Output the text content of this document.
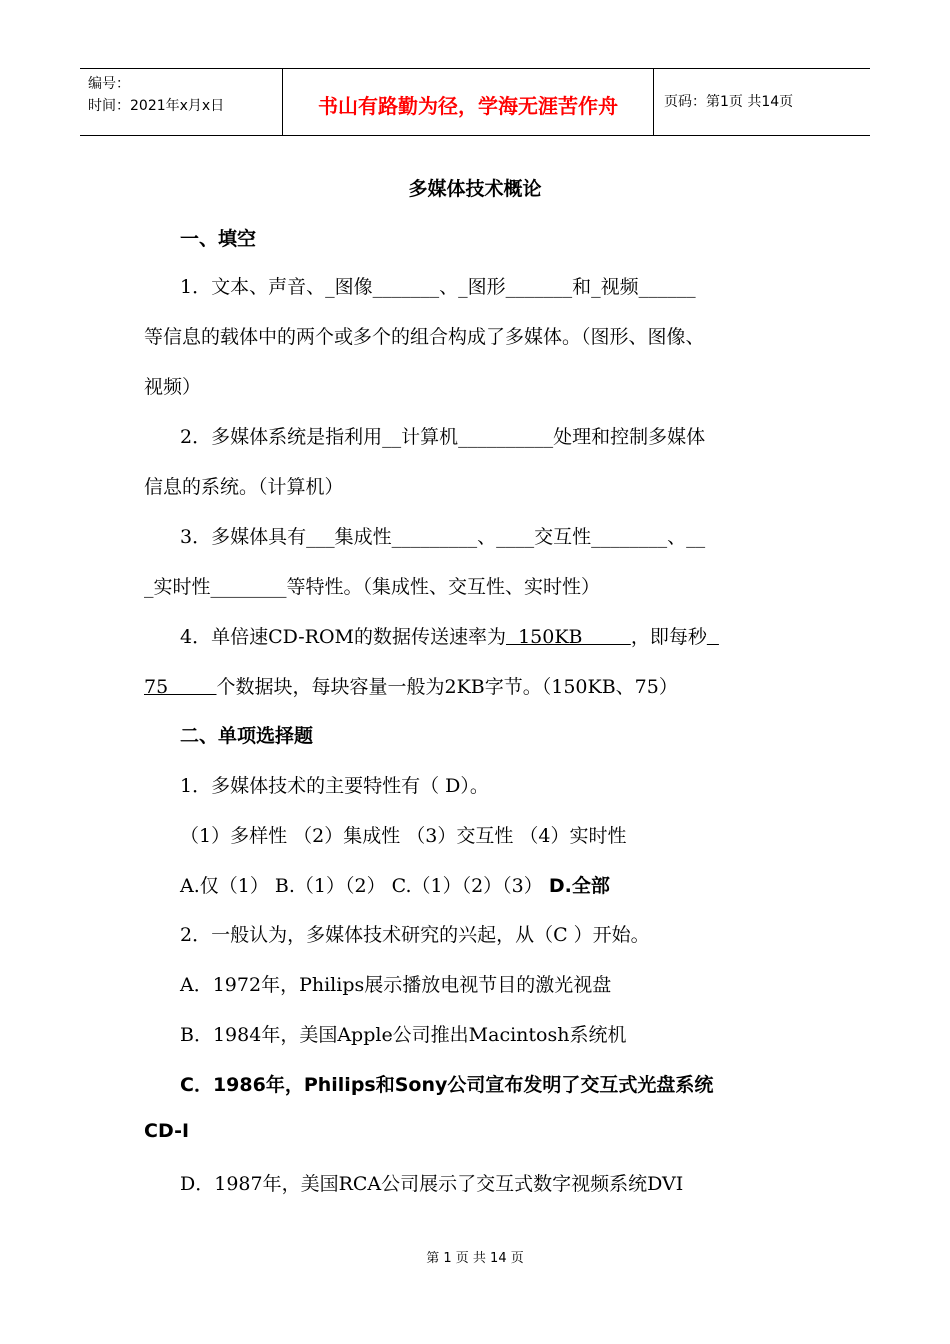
编号：
时间：2021年x月x日	书山有路勤为径，学海无涯苦作舟	页码：第1页 共14页
多媒体技术概论
一、填空
1．文本、声音、_图像_______、_图形_______和_视频______
等信息的载体中的两个或多个的组合构成了多媒体。（图形、图像、
视频）
2．多媒体系统是指利用__计算机__________处理和控制多媒体
信息的系统。（计算机）
3．多媒体具有___集成性_________、____交互性________、__
_实时性________等特性。（集成性、交互性、实时性）
4．单倍速CD-ROM的数据传送速率为  150KB        ，即每秒
75        个数据块，每块容量一般为2KB字节。（150KB、75）
二、单项选择题
1．多媒体技术的主要特性有（ D）。
（1）多样性 （2）集成性 （3）交互性 （4）实时性
A.仅（1） B.（1）（2） C.（1）（2）（3） D.全部
2．一般认为，多媒体技术研究的兴起，从（C ）开始。
A．1972年，Philips展示播放电视节目的激光视盘
B．1984年，美国Apple公司推出Macintosh系统机
C．1986年，Philips和Sony公司宣布发明了交互式光盘系统
CD-I
D．1987年，美国RCA公司展示了交互式数字视频系统DVI
第 1 页 共 14 页
